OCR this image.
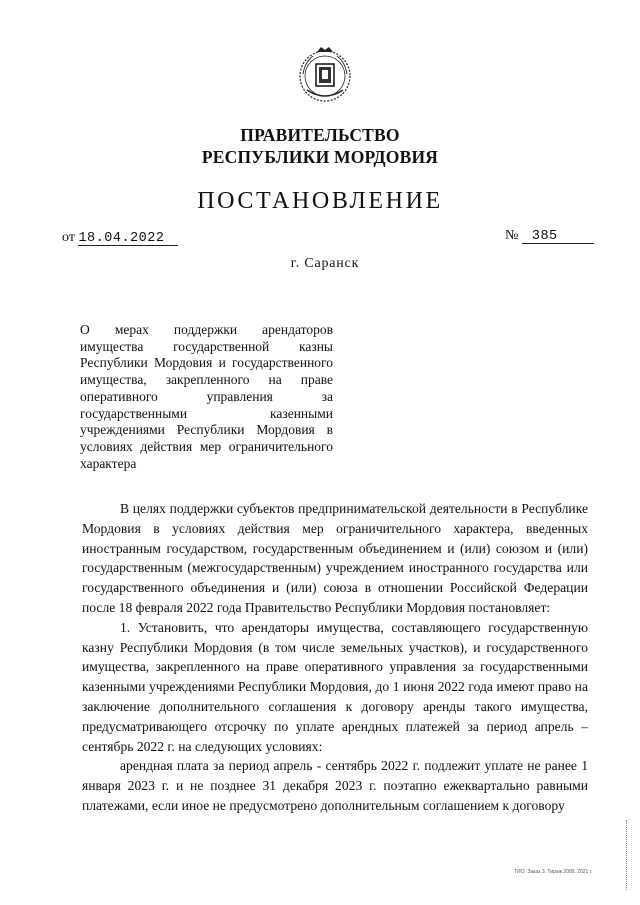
ПРАВИТЕЛЬСТВО
РЕСПУБЛИКИ МОРДОВИЯ
ПОСТАНОВЛЕНИЕ
от 18.04.2022	№ 385
г. Саранск

О мерах поддержки арендаторов имущества государственной казны Республики Мордовия и государственного имущества, закрепленного на праве оперативного управления за государственными казенными учреждениями Республики Мордовия в условиях действия мер ограничительного характера

В целях поддержки субъектов предпринимательской деятельности в Республике Мордовия в условиях действия мер ограничительного характера, введенных иностранным государством, государственным объединением и (или) союзом и (или) государственным (межгосударственным) учреждением иностранного государства или государственного объединения и (или) союза в отношении Российской Федерации после 18 февраля 2022 года Правительство Республики Мордовия постановляет:

1. Установить, что арендаторы имущества, составляющего государственную казну Республики Мордовия (в том числе земельных участков), и государственного имущества, закрепленного на праве оперативного управления за государственными казенными учреждениями Республики Мордовия, до 1 июня 2022 года имеют право на заключение дополнительного соглашения к договору аренды такого имущества, предусматривающего отсрочку по уплате арендных платежей за период апрель – сентябрь 2022 г. на следующих условиях:

арендная плата за период апрель - сентябрь 2022 г. подлежит уплате не ранее 1 января 2023 г. и не позднее 31 декабря 2023 г. поэтапно ежеквартально равными платежами, если иное не предусмотрено дополнительным соглашением к договору

ТИО. Заказ 3. Тираж 2000. 2021 г.
